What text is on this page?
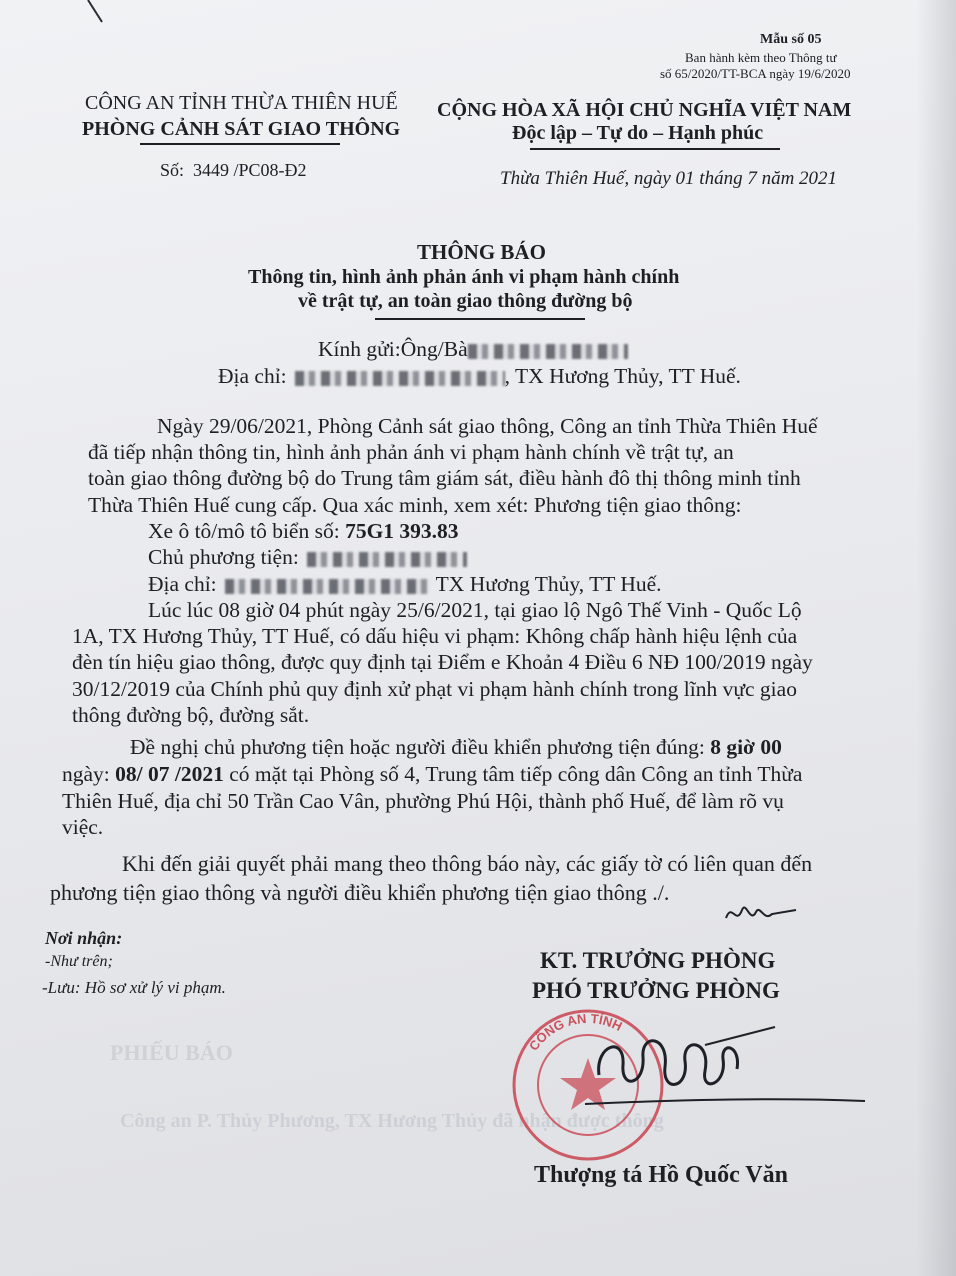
PHIẾU BÁO
Công an P. Thủy Phương, TX Hương Thủy đã nhận được thông
Mẫu số 05
Ban hành kèm theo Thông tư
số 65/2020/TT-BCA ngày 19/6/2020
CÔNG AN TỈNH THỪA THIÊN HUẾ
PHÒNG CẢNH SÁT GIAO THÔNG
Số: 3449 /PC08-Đ2
CỘNG HÒA XÃ HỘI CHỦ NGHĨA VIỆT NAM
Độc lập – Tự do – Hạnh phúc
Thừa Thiên Huế, ngày 01 tháng 7 năm 2021
THÔNG BÁO
Thông tin, hình ảnh phản ánh vi phạm hành chính
về trật tự, an toàn giao thông đường bộ
Kính gửi:Ông/Bà
Địa chỉ:	, TX Hương Thủy, TT Huế.
Ngày 29/06/2021, Phòng Cảnh sát giao thông, Công an tỉnh Thừa Thiên Huế
đã tiếp nhận thông tin, hình ảnh phản ánh vi phạm hành chính về trật tự, an
toàn giao thông đường bộ do Trung tâm giám sát, điều hành đô thị thông minh tỉnh
Thừa Thiên Huế cung cấp. Qua xác minh, xem xét: Phương tiện giao thông:
Xe ô tô/mô tô biển số: 75G1 393.83
Chủ phương tiện:
Địa chỉ:	TX Hương Thủy, TT Huế.
Lúc lúc 08 giờ 04 phút ngày 25/6/2021, tại giao lộ Ngô Thế Vinh - Quốc Lộ
1A, TX Hương Thủy, TT Huế, có dấu hiệu vi phạm: Không chấp hành hiệu lệnh của
đèn tín hiệu giao thông, được quy định tại Điểm e Khoản 4 Điều 6 NĐ 100/2019 ngày
30/12/2019 của Chính phủ quy định xử phạt vi phạm hành chính trong lĩnh vực giao
thông đường bộ, đường sắt.
Đề nghị chủ phương tiện hoặc người điều khiển phương tiện đúng: 8 giờ 00
ngày: 08/ 07 /2021 có mặt tại Phòng số 4, Trung tâm tiếp công dân Công an tỉnh Thừa
Thiên Huế, địa chỉ 50 Trần Cao Vân, phường Phú Hội, thành phố Huế, để làm rõ vụ
việc.
Khi đến giải quyết phải mang theo thông báo này, các giấy tờ có liên quan đến
phương tiện giao thông và người điều khiển phương tiện giao thông ./.
Nơi nhận:
-Như trên;
-Lưu: Hồ sơ xử lý vi phạm.
KT. TRƯỞNG PHÒNG
PHÓ TRƯỞNG PHÒNG
CÔNG AN TỈNH
Thượng tá Hồ Quốc Văn
